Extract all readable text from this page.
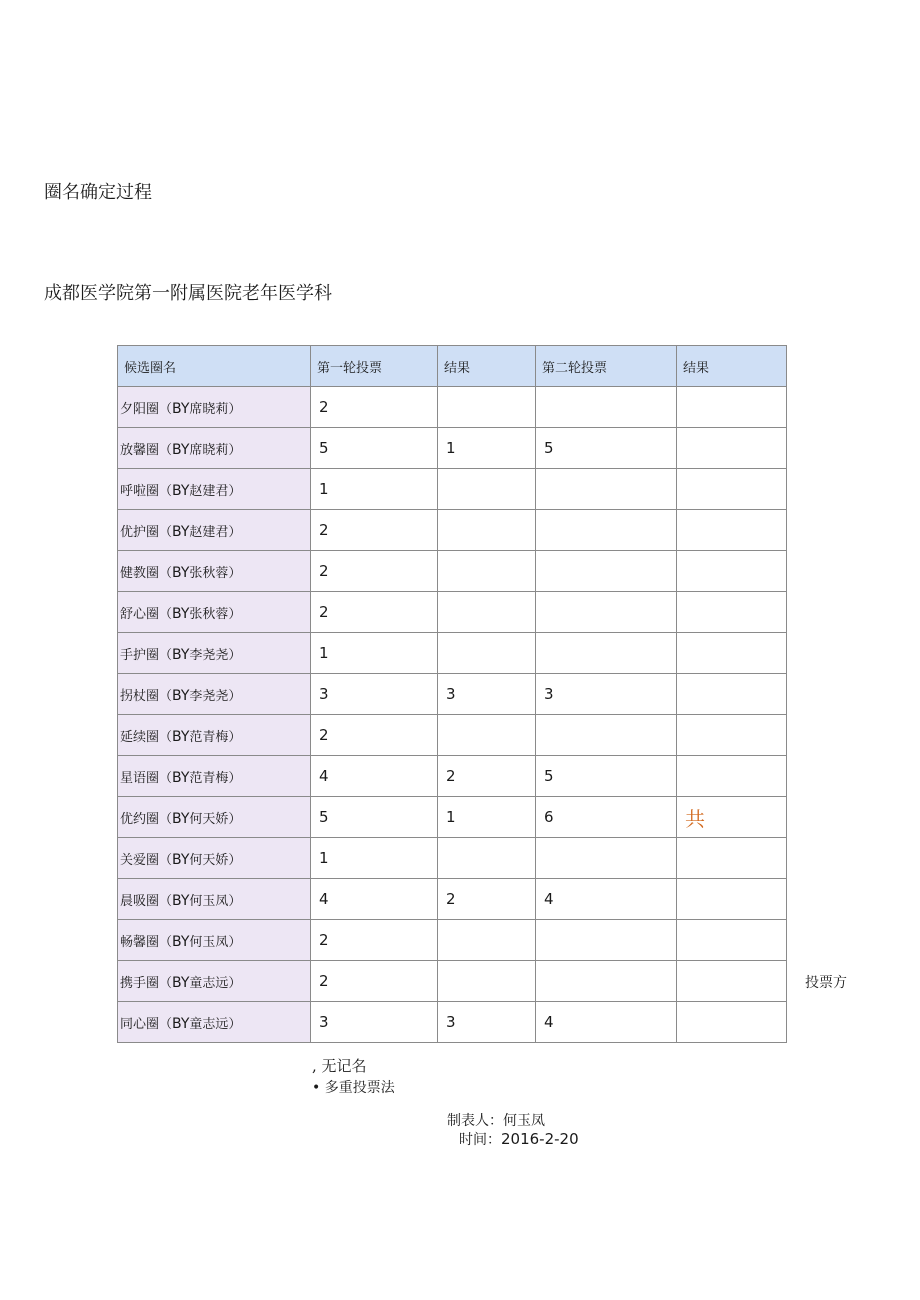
圈名确定过程
成都医学院第一附属医院老年医学科
候选圈名	第一轮投票	结果	第二轮投票	结果
夕阳圈（BY席晓莉）	2			
放馨圈（BY席晓莉）	5	1	5	
呼啦圈（BY赵建君）	1			
优护圈（BY赵建君）	2			
健教圈（BY张秋蓉）	2			
舒心圈（BY张秋蓉）	2			
手护圈（BY李尧尧）	1			
拐杖圈（BY李尧尧）	3	3	3	
延续圈（BY范青梅）	2			
星语圈（BY范青梅）	4	2	5	
优约圈（BY何天娇）	5	1	6	共
关爱圈（BY何天娇）	1			
晨吸圈（BY何玉凤）	4	2	4	
畅馨圈（BY何玉凤）	2			
携手圈（BY童志远）	2			
同心圈（BY童志远）	3	3	4	
投票方
, 无记名
• 多重投票法
制表人：何玉凤
时间：2016-2-20
